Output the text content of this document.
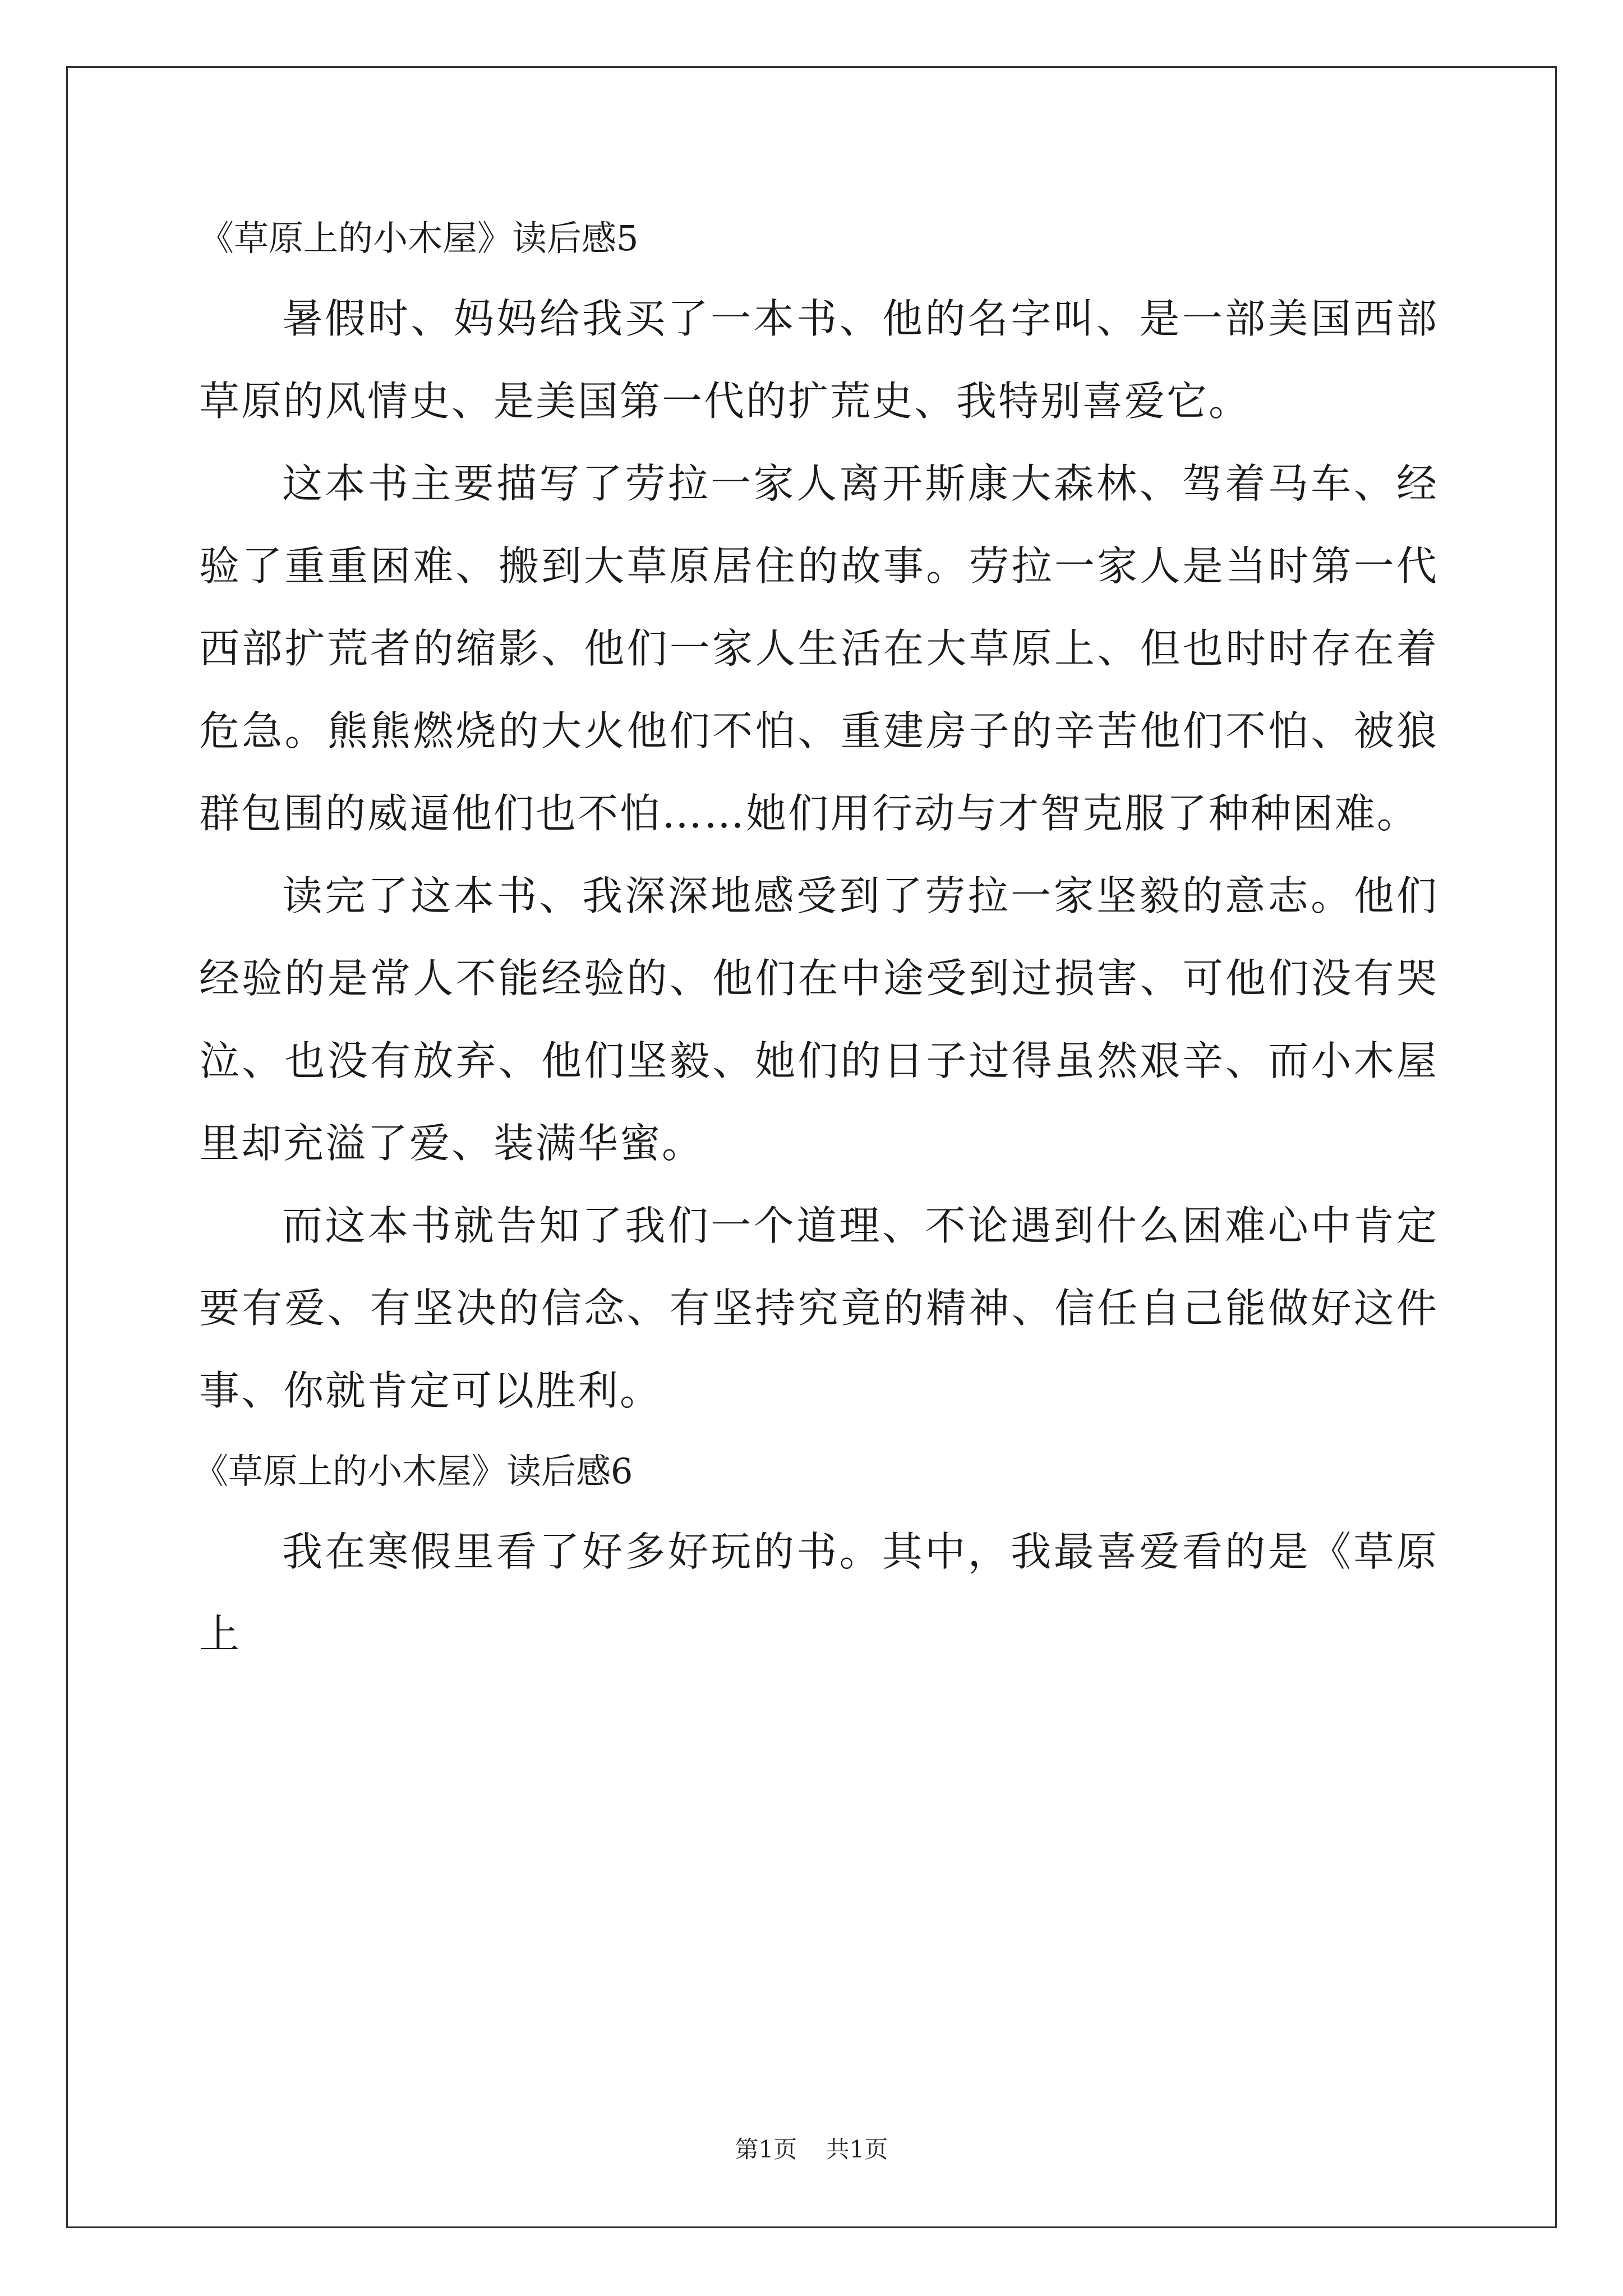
《草原上的小木屋》读后感5

暑假时、妈妈给我买了一本书、他的名字叫、是一部美国西部草原的风情史、是美国第一代的扩荒史、我特别喜爱它。

这本书主要描写了劳拉一家人离开斯康大森林、驾着马车、经验了重重困难、搬到大草原居住的故事。劳拉一家人是当时第一代西部扩荒者的缩影、他们一家人生活在大草原上、但也时时存在着危急。熊熊燃烧的大火他们不怕、重建房子的辛苦他们不怕、被狼群包围的威逼他们也不怕……她们用行动与才智克服了种种困难。

读完了这本书、我深深地感受到了劳拉一家坚毅的意志。他们经验的是常人不能经验的、他们在中途受到过损害、可他们没有哭泣、也没有放弃、他们坚毅、她们的日子过得虽然艰辛、而小木屋里却充溢了爱、装满华蜜。

而这本书就告知了我们一个道理、不论遇到什么困难心中肯定要有爱、有坚决的信念、有坚持究竟的精神、信任自己能做好这件事、你就肯定可以胜利。

《草原上的小木屋》读后感6

我在寒假里看了好多好玩的书。其中，我最喜爱看的是《草原上

第1页 共1页
